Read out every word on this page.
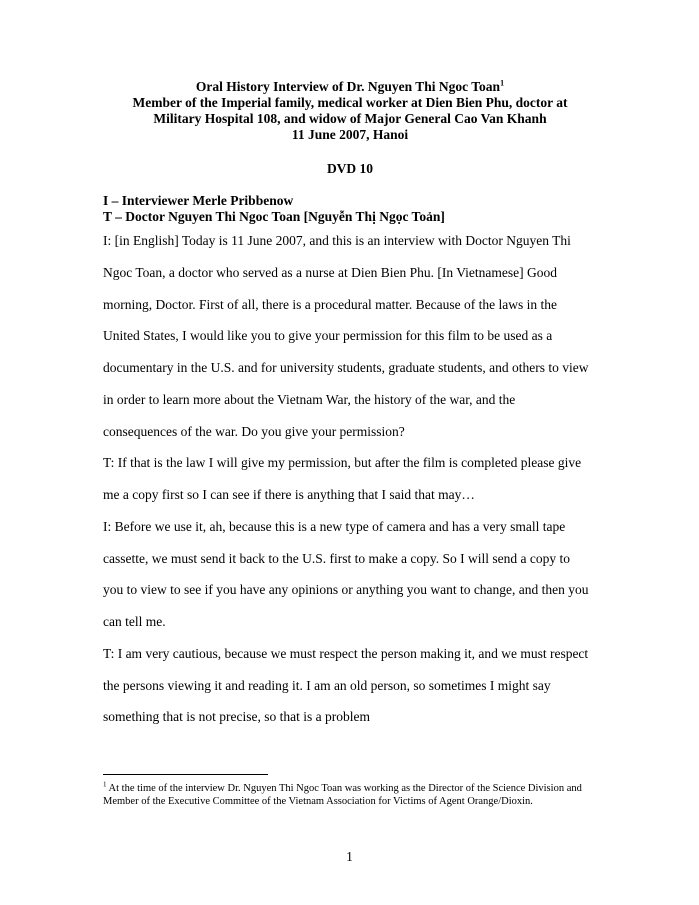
Oral History Interview of Dr. Nguyen Thi Ngoc Toan$^1$
Member of the Imperial family, medical worker at Dien Bien Phu, doctor at
Military Hospital 108, and widow of Major General Cao Van Khanh
11 June 2007, Hanoi
DVD 10
I – Interviewer Merle Pribbenow
T – Doctor Nguyen Thi Ngoc Toan [Nguyễn Thị Ngọc Toản]
I: [in English] Today is 11 June 2007, and this is an interview with Doctor Nguyen Thi
Ngoc Toan, a doctor who served as a nurse at Dien Bien Phu. [In Vietnamese] Good
morning, Doctor. First of all, there is a procedural matter. Because of the laws in the
United States, I would like you to give your permission for this film to be used as a
documentary in the U.S. and for university students, graduate students, and others to view
in order to learn more about the Vietnam War, the history of the war, and the
consequences of the war. Do you give your permission?
T: If that is the law I will give my permission, but after the film is completed please give
me a copy first so I can see if there is anything that I said that may…
I: Before we use it, ah, because this is a new type of camera and has a very small tape
cassette, we must send it back to the U.S. first to make a copy. So I will send a copy to
you to view to see if you have any opinions or anything you want to change, and then you
can tell me.
T: I am very cautious, because we must respect the person making it, and we must respect
the persons viewing it and reading it. I am an old person, so sometimes I might say
something that is not precise, so that is a problem
$^1$ At the time of the interview Dr. Nguyen Thi Ngoc Toan was working as the Director of the Science Division and Member of the Executive Committee of the Vietnam Association for Victims of Agent Orange/Dioxin.
1
